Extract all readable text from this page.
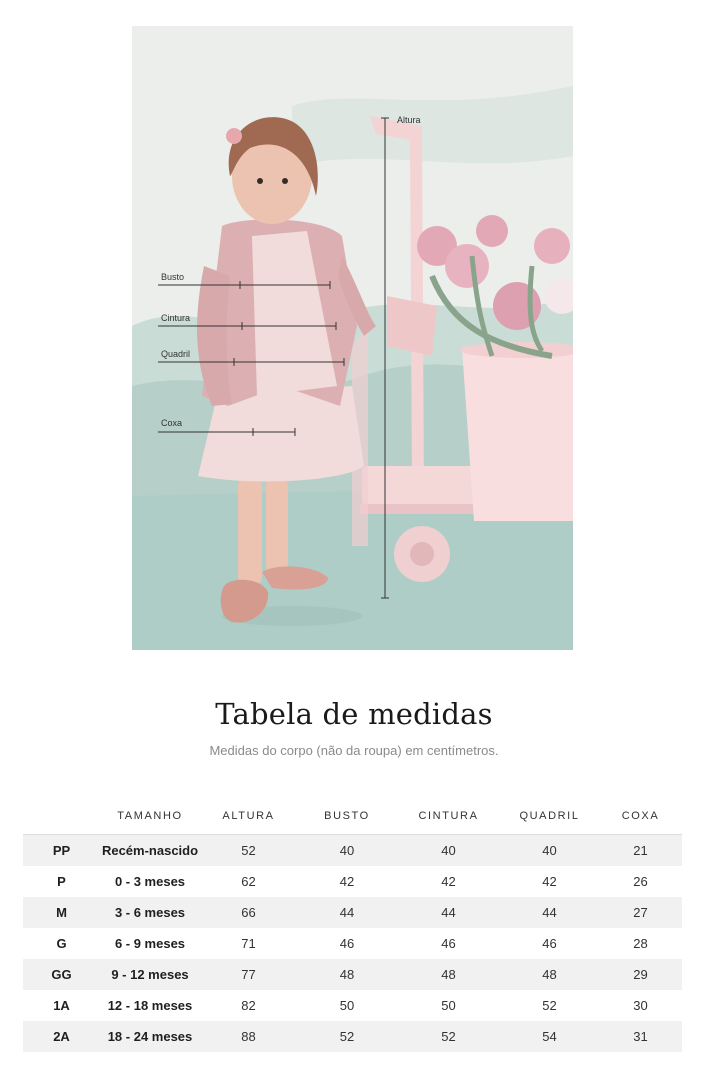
Altura
Busto
Cintura
Quadril
Coxa
Tabela de medidas

Medidas do corpo (não da roupa) em centímetros.

	TAMANHO	ALTURA	BUSTO	CINTURA	QUADRIL	COXA
PP	Recém-nascido	52	40	40	40	21
P	0 - 3 meses	62	42	42	42	26
M	3 - 6 meses	66	44	44	44	27
G	6 - 9 meses	71	46	46	46	28
GG	9 - 12 meses	77	48	48	48	29
1A	12 - 18 meses	82	50	50	52	30
2A	18 - 24 meses	88	52	52	54	31
